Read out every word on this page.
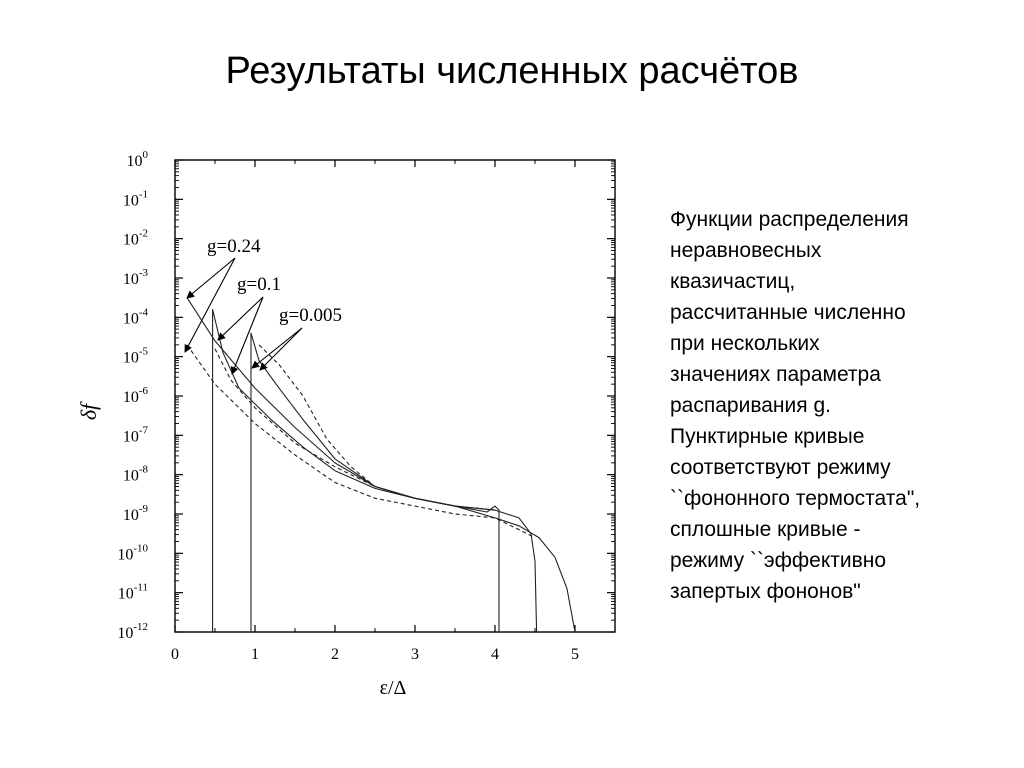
Результаты численных расчётов
0	1	2	3	4	5
$10^{-12}$
$10^{-11}$
$10^{-10}$
$10^{-9}$
$10^{-8}$
$10^{-7}$
$10^{-6}$
$10^{-5}$
$10^{-4}$
$10^{-3}$
$10^{-2}$
$10^{-1}$
$10^0$
g=0.24
g=0.1
g=0.005
ε/Δ
δf
Функции распределения
неравновесных
квазичастиц,
рассчитанные численно
при нескольких
значениях параметра
распаривания g.
Пунктирные кривые
соответствуют режиму
``фононного термостата",
сплошные кривые -
режиму ``эффективно
запертых фононов"
